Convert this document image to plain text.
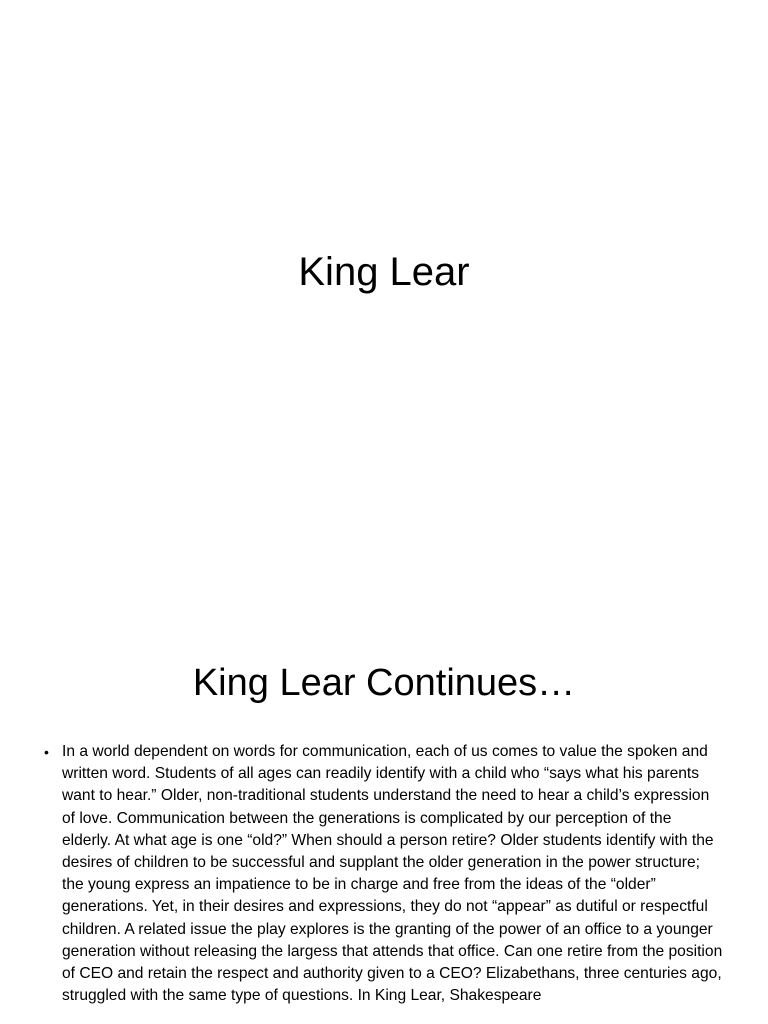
King Lear
King Lear Continues…
• In a world dependent on words for communication, each of us comes to value the spoken and written word. Students of all ages can readily identify with a child who “says what his parents want to hear.” Older, non-traditional students understand the need to hear a child’s expression of love. Communication between the generations is complicated by our perception of the elderly. At what age is one “old?” When should a person retire? Older students identify with the desires of children to be successful and supplant the older generation in the power structure; the young express an impatience to be in charge and free from the ideas of the “older” generations. Yet, in their desires and expressions, they do not “appear” as dutiful or respectful children. A related issue the play explores is the granting of the power of an office to a younger generation without releasing the largess that attends that office. Can one retire from the position of CEO and retain the respect and authority given to a CEO? Elizabethans, three centuries ago, struggled with the same type of questions. In King Lear, Shakespeare
